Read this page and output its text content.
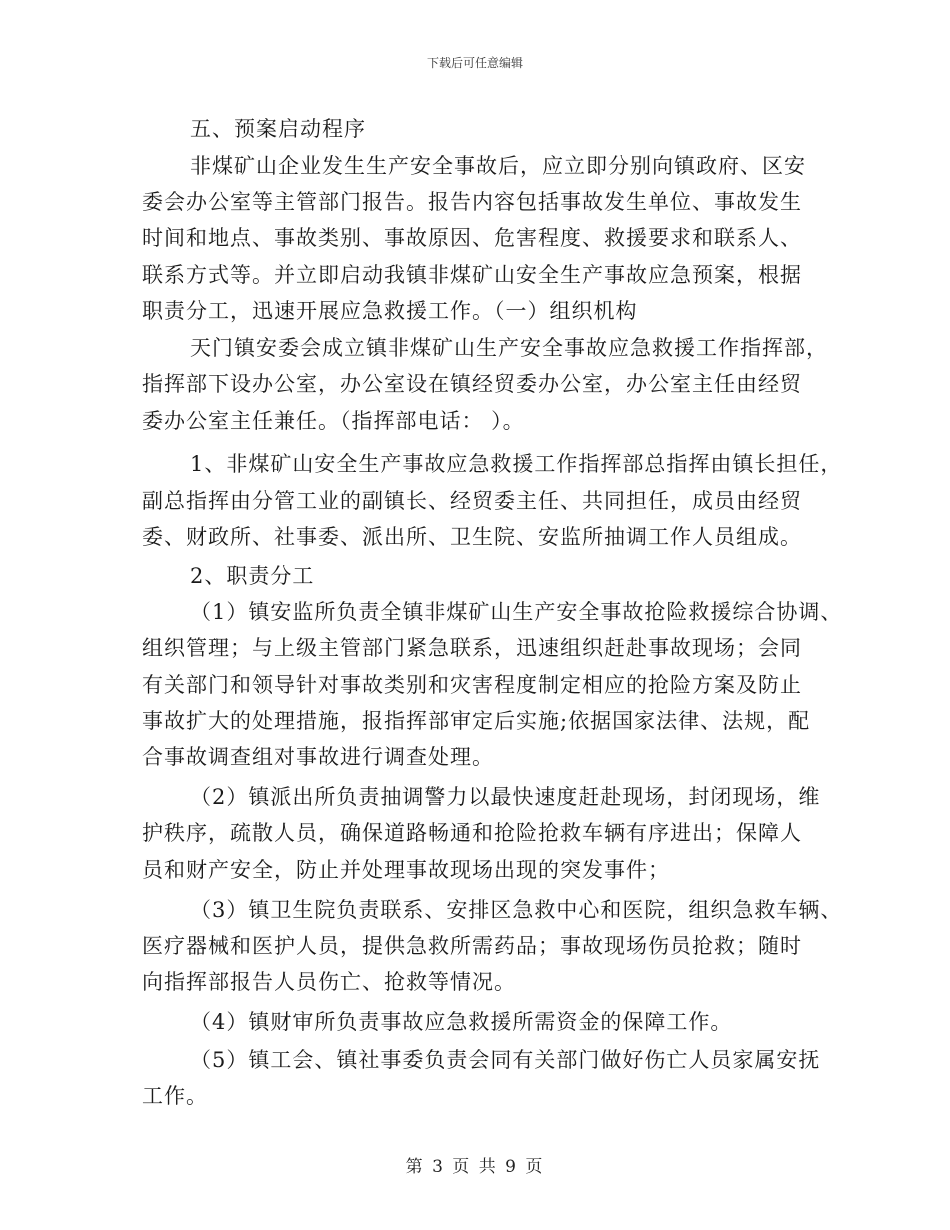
下载后可任意编辑
五、预案启动程序
非煤矿山企业发生生产安全事故后，应立即分别向镇政府、区安
委会办公室等主管部门报告。报告内容包括事故发生单位、事故发生
时间和地点、事故类别、事故原因、危害程度、救援要求和联系人、
联系方式等。并立即启动我镇非煤矿山安全生产事故应急预案，根据
职责分工，迅速开展应急救援工作。（一）组织机构
天门镇安委会成立镇非煤矿山生产安全事故应急救援工作指挥部，
指挥部下设办公室，办公室设在镇经贸委办公室，办公室主任由经贸
委办公室主任兼任。（指挥部电话： ）。
1、非煤矿山安全生产事故应急救援工作指挥部总指挥由镇长担任，
副总指挥由分管工业的副镇长、经贸委主任、共同担任，成员由经贸
委、财政所、社事委、派出所、卫生院、安监所抽调工作人员组成。
2、职责分工
（1）镇安监所负责全镇非煤矿山生产安全事故抢险救援综合协调、
组织管理；与上级主管部门紧急联系，迅速组织赶赴事故现场；会同
有关部门和领导针对事故类别和灾害程度制定相应的抢险方案及防止
事故扩大的处理措施，报指挥部审定后实施;依据国家法律、法规，配
合事故调查组对事故进行调查处理。
（2）镇派出所负责抽调警力以最快速度赶赴现场，封闭现场，维
护秩序，疏散人员，确保道路畅通和抢险抢救车辆有序进出；保障人
员和财产安全，防止并处理事故现场出现的突发事件；
（3）镇卫生院负责联系、安排区急救中心和医院，组织急救车辆、
医疗器械和医护人员，提供急救所需药品；事故现场伤员抢救；随时
向指挥部报告人员伤亡、抢救等情况。
（4）镇财审所负责事故应急救援所需资金的保障工作。
（5）镇工会、镇社事委负责会同有关部门做好伤亡人员家属安抚
工作。
第 3 页 共 9 页
